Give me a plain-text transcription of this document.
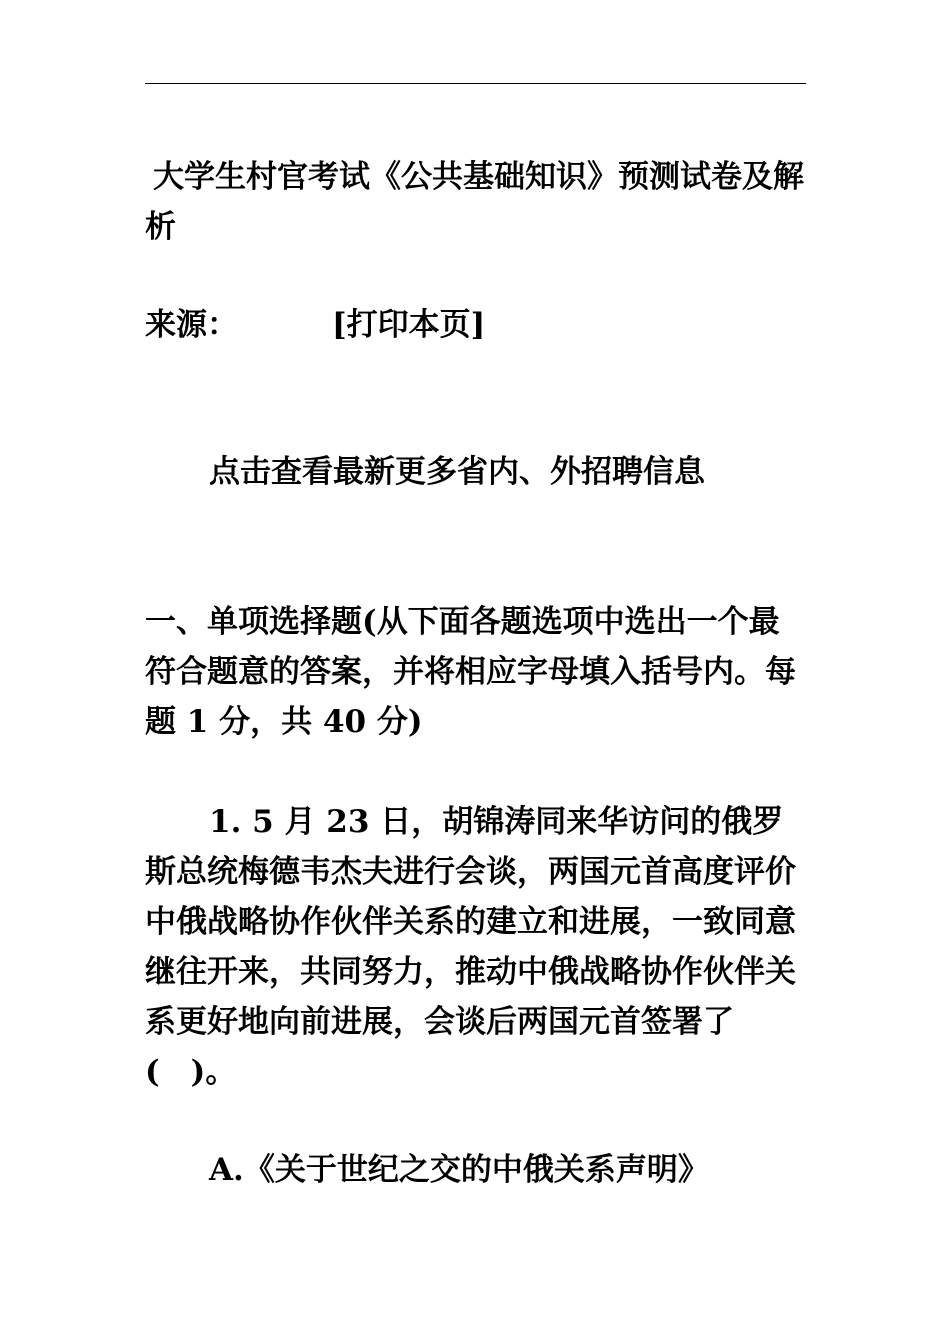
大学生村官考试《公共基础知识》预测试卷及解析
来源：	[打印本页]
点击查看最新更多省内、外招聘信息
一、单项选择题(从下面各题选项中选出一个最符合题意的答案，并将相应字母填入括号内。每题 1 分，共 40 分)
1. 5 月 23 日，胡锦涛同来华访问的俄罗斯总统梅德韦杰夫进行会谈，两国元首高度评价中俄战略协作伙伴关系的建立和进展，一致同意继往开来，共同努力，推动中俄战略协作伙伴关系更好地向前进展，会谈后两国元首签署了(　)。
A.《关于世纪之交的中俄关系声明》
